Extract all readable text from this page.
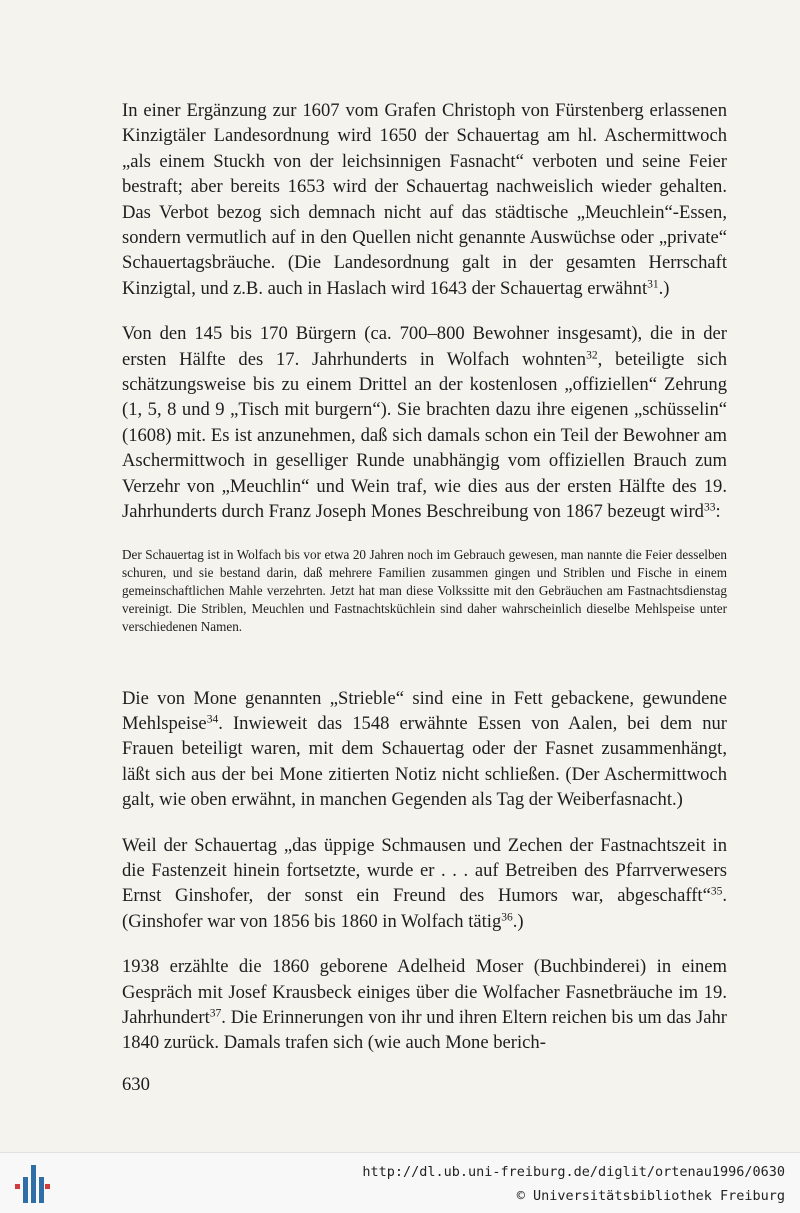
In einer Ergänzung zur 1607 vom Grafen Christoph von Fürstenberg erlassenen Kinzigtäler Landesordnung wird 1650 der Schauertag am hl. Aschermittwoch „als einem Stuckh von der leichsinnigen Fasnacht“ verboten und seine Feier bestraft; aber bereits 1653 wird der Schauertag nachweislich wieder gehalten. Das Verbot bezog sich demnach nicht auf das städtische „Meuchlein“-Essen, sondern vermutlich auf in den Quellen nicht genannte Auswüchse oder „private“ Schauertagsbräuche. (Die Landesordnung galt in der gesamten Herrschaft Kinzigtal, und z.B. auch in Haslach wird 1643 der Schauertag erwähnt$^{31}$.)

Von den 145 bis 170 Bürgern (ca. 700–800 Bewohner insgesamt), die in der ersten Hälfte des 17. Jahrhunderts in Wolfach wohnten$^{32}$, beteiligte sich schätzungsweise bis zu einem Drittel an der kostenlosen „offiziellen“ Zehrung (1, 5, 8 und 9 „Tisch mit burgern“). Sie brachten dazu ihre eigenen „schüsselin“ (1608) mit. Es ist anzunehmen, daß sich damals schon ein Teil der Bewohner am Aschermittwoch in geselliger Runde unabhängig vom offiziellen Brauch zum Verzehr von „Meuchlin“ und Wein traf, wie dies aus der ersten Hälfte des 19. Jahrhunderts durch Franz Joseph Mones Beschreibung von 1867 bezeugt wird$^{33}$:

Der Schauertag ist in Wolfach bis vor etwa 20 Jahren noch im Gebrauch gewesen, man nannte die Feier desselben schuren, und sie bestand darin, daß mehrere Familien zusammen gingen und Striblen und Fische in einem gemeinschaftlichen Mahle verzehrten. Jetzt hat man diese Volkssitte mit den Gebräuchen am Fastnachtsdienstag vereinigt. Die Striblen, Meuchlen und Fastnachtsküchlein sind daher wahrscheinlich dieselbe Mehlspeise unter verschiedenen Namen.

Die von Mone genannten „Strieble“ sind eine in Fett gebackene, gewundene Mehlspeise$^{34}$. Inwieweit das 1548 erwähnte Essen von Aalen, bei dem nur Frauen beteiligt waren, mit dem Schauertag oder der Fasnet zusammenhängt, läßt sich aus der bei Mone zitierten Notiz nicht schließen. (Der Aschermittwoch galt, wie oben erwähnt, in manchen Gegenden als Tag der Weiberfasnacht.)

Weil der Schauertag „das üppige Schmausen und Zechen der Fastnachtszeit in die Fastenzeit hinein fortsetzte, wurde er . . . auf Betreiben des Pfarrverwesers Ernst Ginshofer, der sonst ein Freund des Humors war, abgeschafft“$^{35}$. (Ginshofer war von 1856 bis 1860 in Wolfach tätig$^{36}$.)

1938 erzählte die 1860 geborene Adelheid Moser (Buchbinderei) in einem Gespräch mit Josef Krausbeck einiges über die Wolfacher Fasnetbräuche im 19. Jahrhundert$^{37}$. Die Erinnerungen von ihr und ihren Eltern reichen bis um das Jahr 1840 zurück. Damals trafen sich (wie auch Mone berich-

630
http://dl.ub.uni-freiburg.de/diglit/ortenau1996/0630
© Universitätsbibliothek Freiburg
